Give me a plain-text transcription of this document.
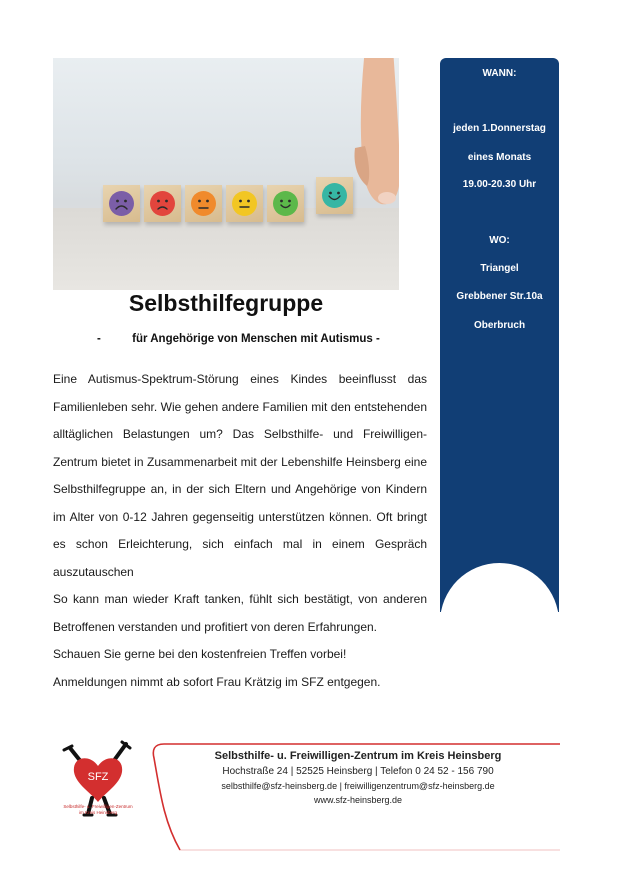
WANN:
jeden 1.Donnerstag
eines Monats
19.00-20.30 Uhr
WO:
Triangel
Grebbener Str.10a
Oberbruch
Selbsthilfegruppe
-	für Angehörige von Menschen mit Autismus -

Eine Autismus-Spektrum-Störung eines Kindes beeinflusst das Familienleben sehr. Wie gehen andere Familien mit den entstehenden alltäglichen Belastungen um? Das Selbsthilfe- und Freiwilligen-Zentrum bietet in Zusammenarbeit mit der Lebenshilfe Heinsberg eine Selbsthilfegruppe an, in der sich Eltern und Angehörige von Kindern im Alter von 0-12 Jahren gegenseitig unterstützen können. Oft bringt es schon Erleichterung, sich einfach mal in einem Gespräch auszutauschen

So kann man wieder Kraft tanken, fühlt sich bestätigt, von anderen Betroffenen verstanden und profitiert von deren Erfahrungen.

Schauen Sie gerne bei den kostenfreien Treffen vorbei!

Anmeldungen nimmt ab sofort Frau Krätzig im SFZ entgegen.

SFZ
Selbsthilfe- u. Freiwilligen-Zentrum
im Kreis Heinsberg
Selbsthilfe- u. Freiwilligen-Zentrum im Kreis Heinsberg
Hochstraße 24 | 52525 Heinsberg | Telefon 0 24 52 - 156 790
selbsthilfe@sfz-heinsberg.de | freiwilligenzentrum@sfz-heinsberg.de
www.sfz-heinsberg.de
